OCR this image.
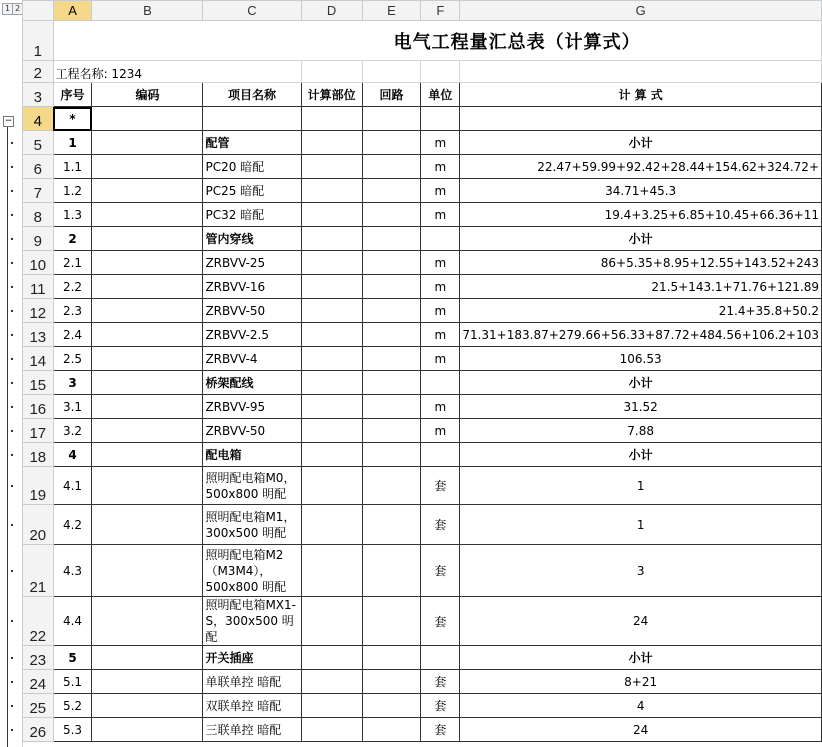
1 2
−
	A	B	C	D	E	F	G
1	电气工程量汇总表（计算式）						
2	工程名称: 1234						
3	序号	编码	项目名称	计算部位	回路	单位	计 算 式
4	*						
5	1		配管			m	小计
6	1.1		PC20 暗配			m	22.47+59.99+92.42+28.44+154.62+324.72+
7	1.2		PC25 暗配			m	34.71+45.3
8	1.3		PC32 暗配			m	19.4+3.25+6.85+10.45+66.36+11
9	2		管内穿线				小计
10	2.1		ZRBVV-25			m	86+5.35+8.95+12.55+143.52+243
11	2.2		ZRBVV-16			m	21.5+143.1+71.76+121.89
12	2.3		ZRBVV-50			m	21.4+35.8+50.2
13	2.4		ZRBVV-2.5			m	71.31+183.87+279.66+56.33+87.72+484.56+106.2+103
14	2.5		ZRBVV-4			m	106.53
15	3		桥架配线				小计
16	3.1		ZRBVV-95			m	31.52
17	3.2		ZRBVV-50			m	7.88
18	4		配电箱				小计
19	4.1		照明配电箱M0，500x800 明配			套	1
20	4.2		照明配电箱M1，300x500 明配			套	1
21	4.3		照明配电箱M2（M3M4），500x800 明配			套	3
22	4.4		照明配电箱MX1-S，300x500 明配			套	24
23	5		开关插座				小计
24	5.1		单联单控 暗配			套	8+21
25	5.2		双联单控 暗配			套	4
26	5.3		三联单控 暗配			套	24
